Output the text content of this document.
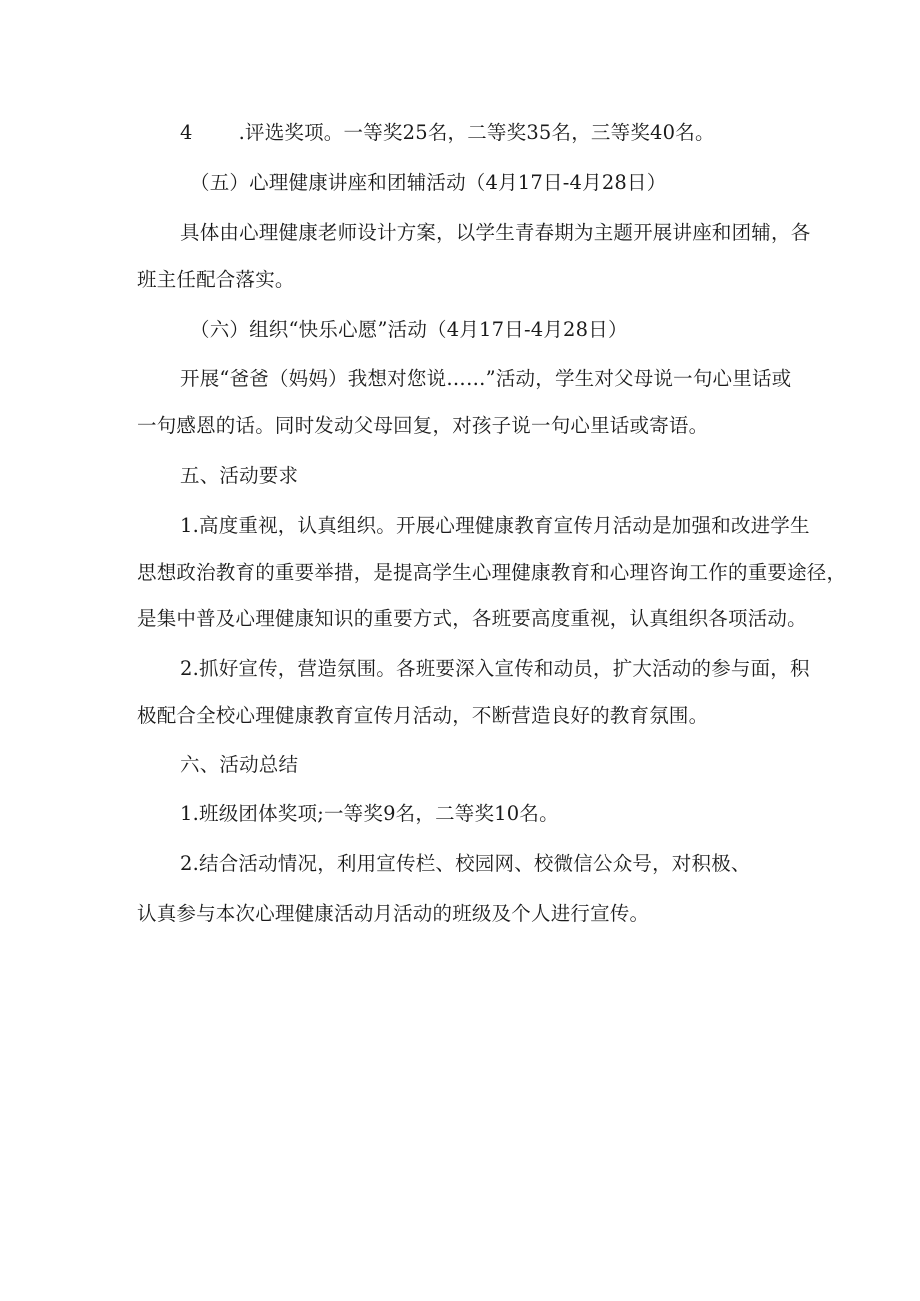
4 .评选奖项。一等奖25名，二等奖35名，三等奖40名。
（五）心理健康讲座和团辅活动（4月17日-4月28日）
具体由心理健康老师设计方案，以学生青春期为主题开展讲座和团辅，各
班主任配合落实。
（六）组织“快乐心愿”活动（4月17日-4月28日）
开展“爸爸（妈妈）我想对您说……”活动，学生对父母说一句心里话或
一句感恩的话。同时发动父母回复，对孩子说一句心里话或寄语。
五、活动要求
1.高度重视，认真组织。开展心理健康教育宣传月活动是加强和改进学生
思想政治教育的重要举措，是提高学生心理健康教育和心理咨询工作的重要途径，
是集中普及心理健康知识的重要方式，各班要高度重视，认真组织各项活动。
2.抓好宣传，营造氛围。各班要深入宣传和动员，扩大活动的参与面，积
极配合全校心理健康教育宣传月活动，不断营造良好的教育氛围。
六、活动总结
1.班级团体奖项;一等奖9名，二等奖10名。
2.结合活动情况，利用宣传栏、校园网、校微信公众号，对积极、
认真参与本次心理健康活动月活动的班级及个人进行宣传。
